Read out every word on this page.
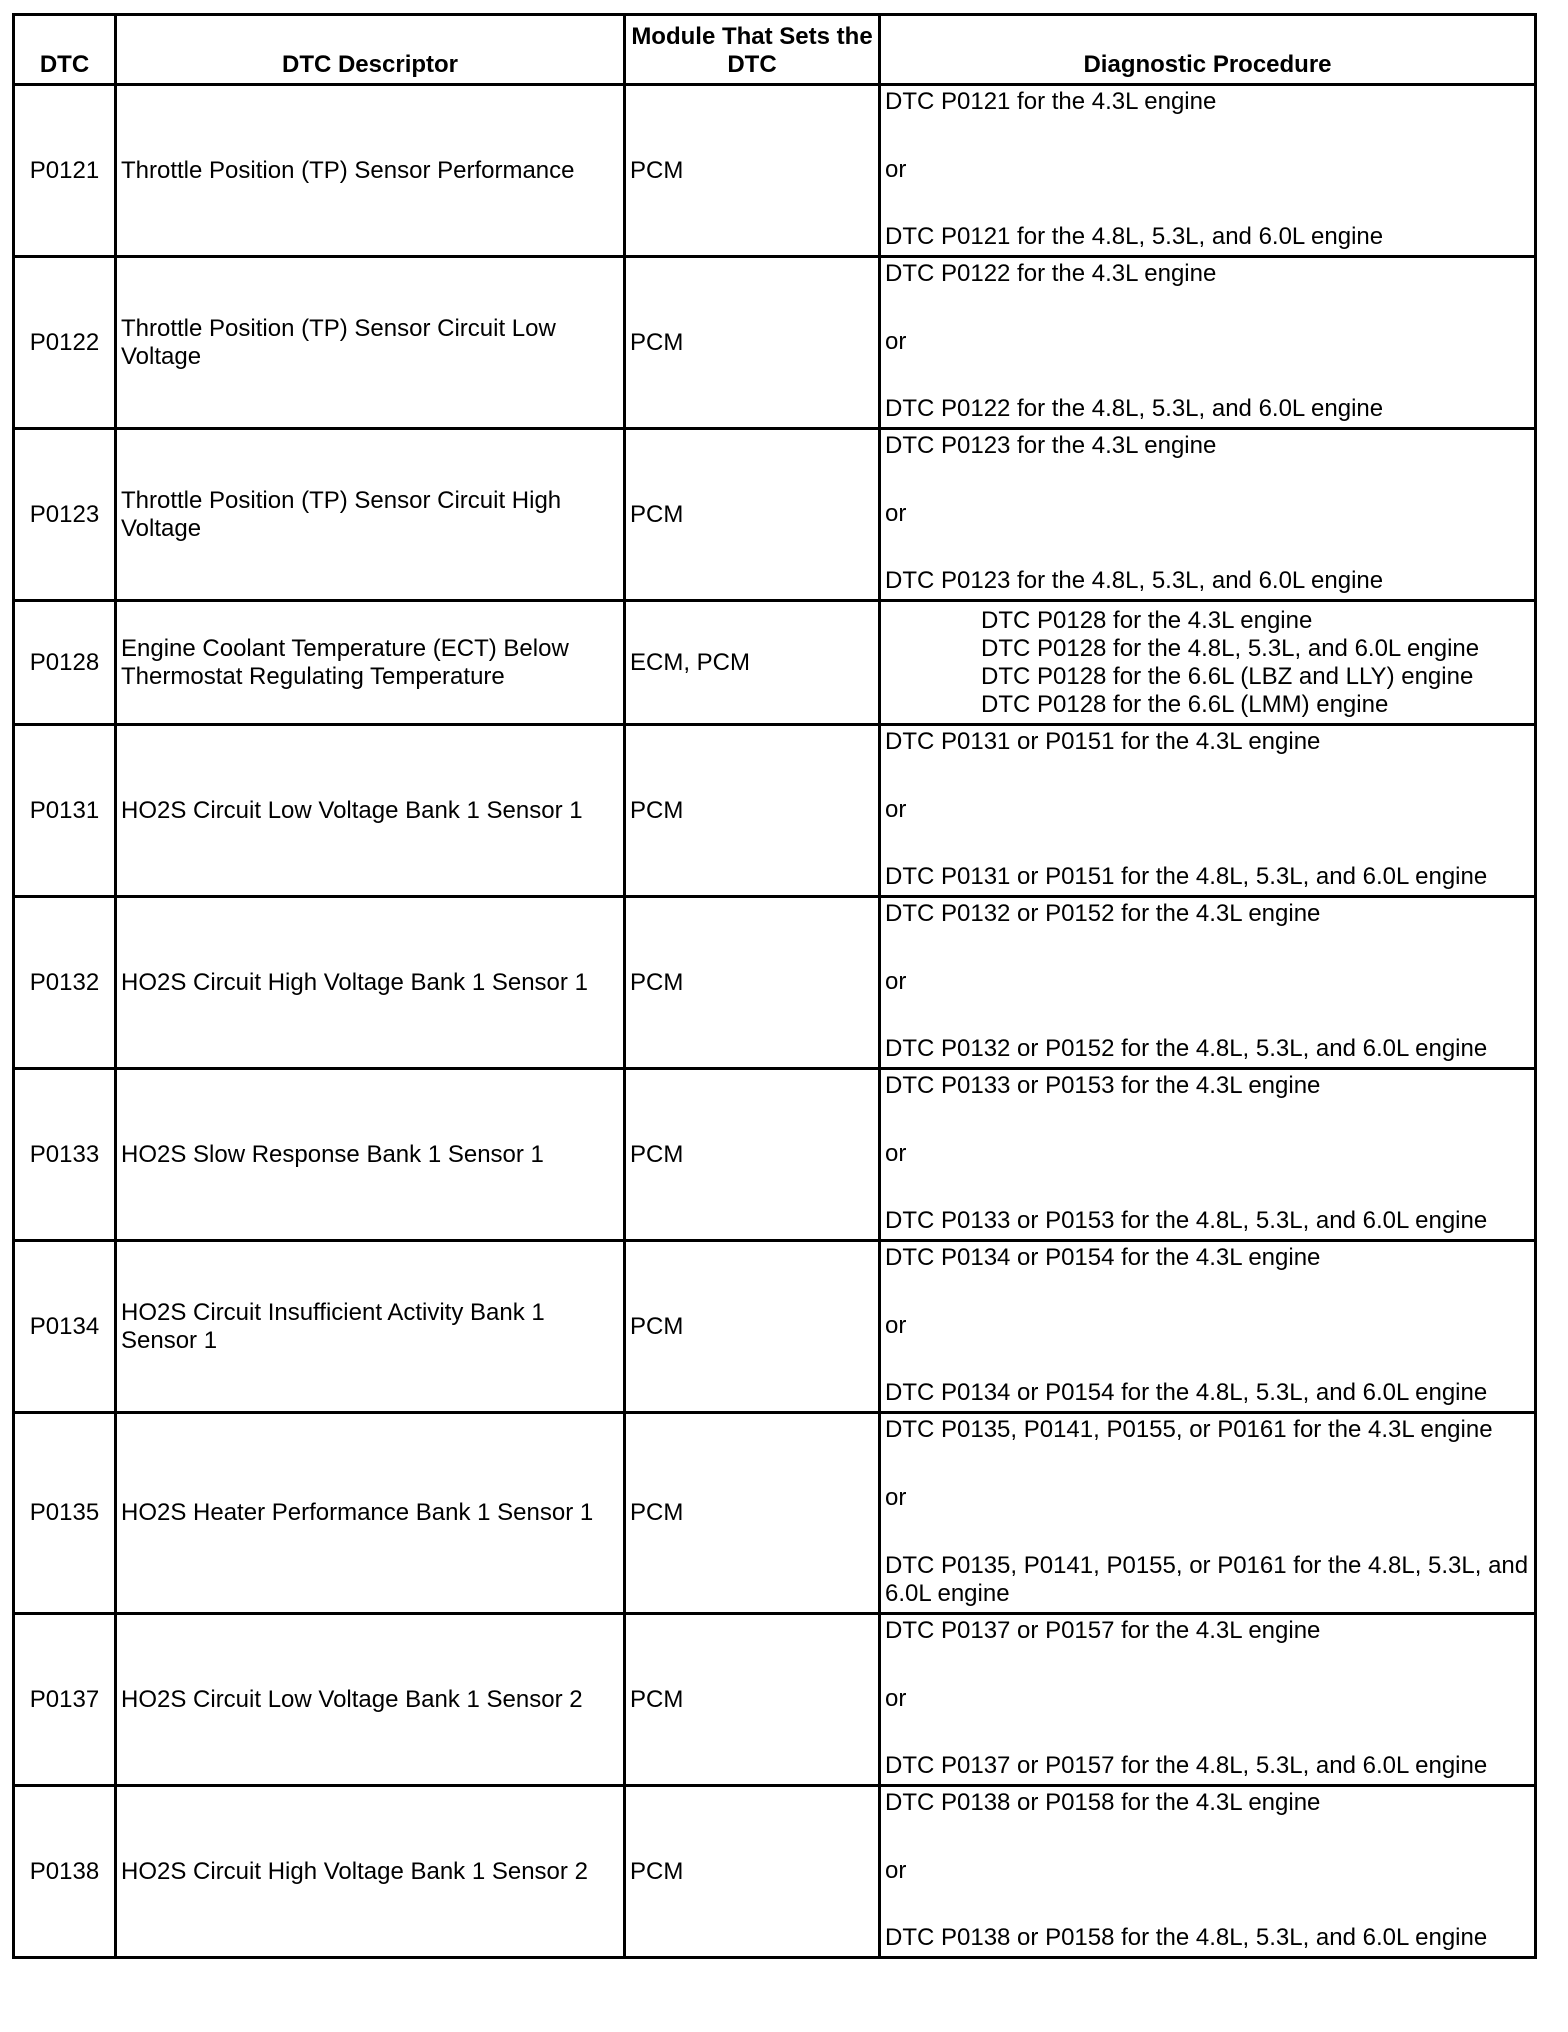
DTC	DTC Descriptor	Module That Sets the DTC	Diagnostic Procedure
P0121	Throttle Position (TP) Sensor Performance	PCM	DTC P0121 for the 4.3L engine
or
DTC P0121 for the 4.8L, 5.3L, and 6.0L engine

P0122	Throttle Position (TP) Sensor Circuit Low Voltage	PCM	DTC P0122 for the 4.3L engine
or
DTC P0122 for the 4.8L, 5.3L, and 6.0L engine

P0123	Throttle Position (TP) Sensor Circuit High Voltage	PCM	DTC P0123 for the 4.3L engine
or
DTC P0123 for the 4.8L, 5.3L, and 6.0L engine

P0128	Engine Coolant Temperature (ECT) Below Thermostat Regulating Temperature	ECM, PCM	DTC P0128 for the 4.3L engine
DTC P0128 for the 4.8L, 5.3L, and 6.0L engine
DTC P0128 for the 6.6L (LBZ and LLY) engine
DTC P0128 for the 6.6L (LMM) engine

P0131	HO2S Circuit Low Voltage Bank 1 Sensor 1	PCM	DTC P0131 or P0151 for the 4.3L engine
or
DTC P0131 or P0151 for the 4.8L, 5.3L, and 6.0L engine

P0132	HO2S Circuit High Voltage Bank 1 Sensor 1	PCM	DTC P0132 or P0152 for the 4.3L engine
or
DTC P0132 or P0152 for the 4.8L, 5.3L, and 6.0L engine

P0133	HO2S Slow Response Bank 1 Sensor 1	PCM	DTC P0133 or P0153 for the 4.3L engine
or
DTC P0133 or P0153 for the 4.8L, 5.3L, and 6.0L engine

P0134	HO2S Circuit Insufficient Activity Bank 1 Sensor 1	PCM	DTC P0134 or P0154 for the 4.3L engine
or
DTC P0134 or P0154 for the 4.8L, 5.3L, and 6.0L engine

P0135	HO2S Heater Performance Bank 1 Sensor 1	PCM	DTC P0135, P0141, P0155, or P0161 for the 4.3L engine
or
DTC P0135, P0141, P0155, or P0161 for the 4.8L, 5.3L, and 6.0L engine

P0137	HO2S Circuit Low Voltage Bank 1 Sensor 2	PCM	DTC P0137 or P0157 for the 4.3L engine
or
DTC P0137 or P0157 for the 4.8L, 5.3L, and 6.0L engine

P0138	HO2S Circuit High Voltage Bank 1 Sensor 2	PCM	DTC P0138 or P0158 for the 4.3L engine
or
DTC P0138 or P0158 for the 4.8L, 5.3L, and 6.0L engine
